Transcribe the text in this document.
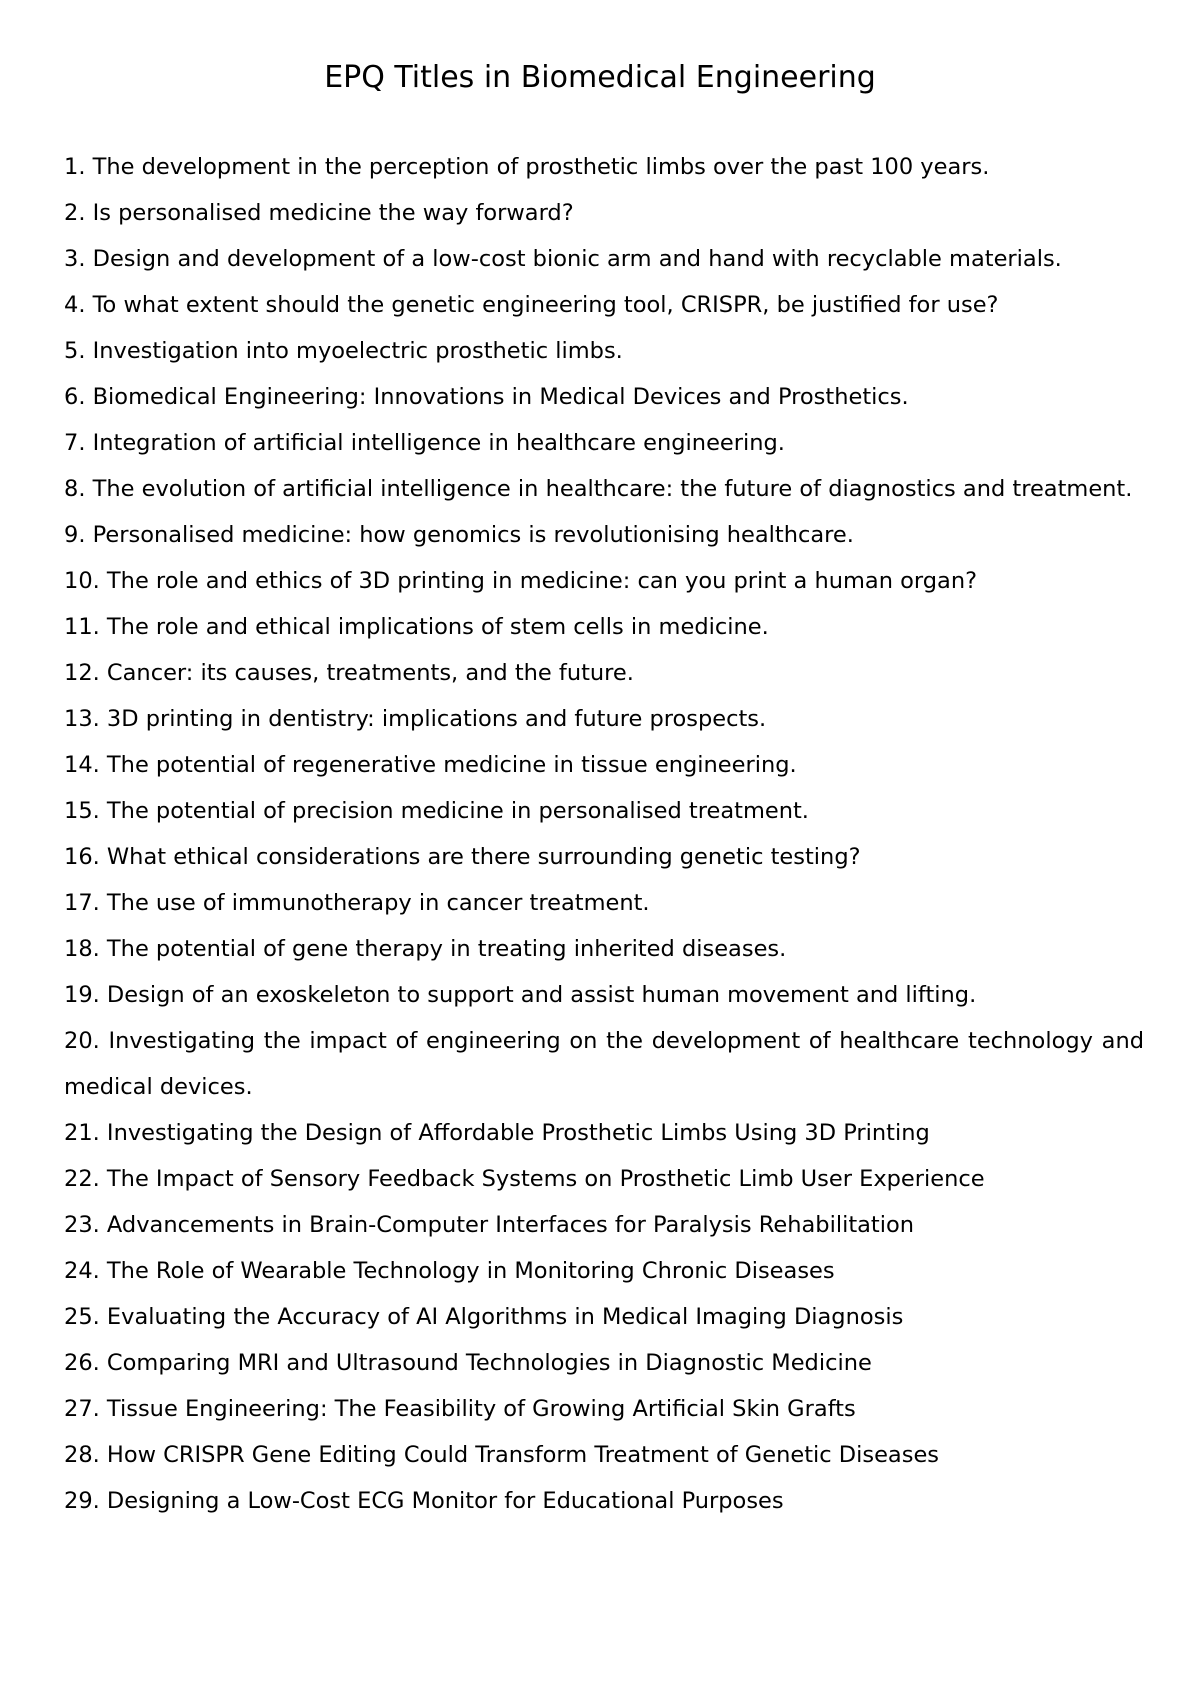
EPQ Titles in Biomedical Engineering
1. The development in the perception of prosthetic limbs over the past 100 years.
2. Is personalised medicine the way forward?
3. Design and development of a low-cost bionic arm and hand with recyclable materials.
4. To what extent should the genetic engineering tool, CRISPR, be justified for use?
5. Investigation into myoelectric prosthetic limbs.
6. Biomedical Engineering: Innovations in Medical Devices and Prosthetics.
7. Integration of artificial intelligence in healthcare engineering.
8. The evolution of artificial intelligence in healthcare: the future of diagnostics and treatment.
9. Personalised medicine: how genomics is revolutionising healthcare.
10. The role and ethics of 3D printing in medicine: can you print a human organ?
11. The role and ethical implications of stem cells in medicine.
12. Cancer: its causes, treatments, and the future.
13. 3D printing in dentistry: implications and future prospects.
14. The potential of regenerative medicine in tissue engineering.
15. The potential of precision medicine in personalised treatment.
16. What ethical considerations are there surrounding genetic testing?
17. The use of immunotherapy in cancer treatment.
18. The potential of gene therapy in treating inherited diseases.
19. Design of an exoskeleton to support and assist human movement and lifting.
20. Investigating the impact of engineering on the development of healthcare technology and medical devices.
21. Investigating the Design of Affordable Prosthetic Limbs Using 3D Printing
22. The Impact of Sensory Feedback Systems on Prosthetic Limb User Experience
23. Advancements in Brain-Computer Interfaces for Paralysis Rehabilitation
24. The Role of Wearable Technology in Monitoring Chronic Diseases
25. Evaluating the Accuracy of AI Algorithms in Medical Imaging Diagnosis
26. Comparing MRI and Ultrasound Technologies in Diagnostic Medicine
27. Tissue Engineering: The Feasibility of Growing Artificial Skin Grafts
28. How CRISPR Gene Editing Could Transform Treatment of Genetic Diseases
29. Designing a Low-Cost ECG Monitor for Educational Purposes
